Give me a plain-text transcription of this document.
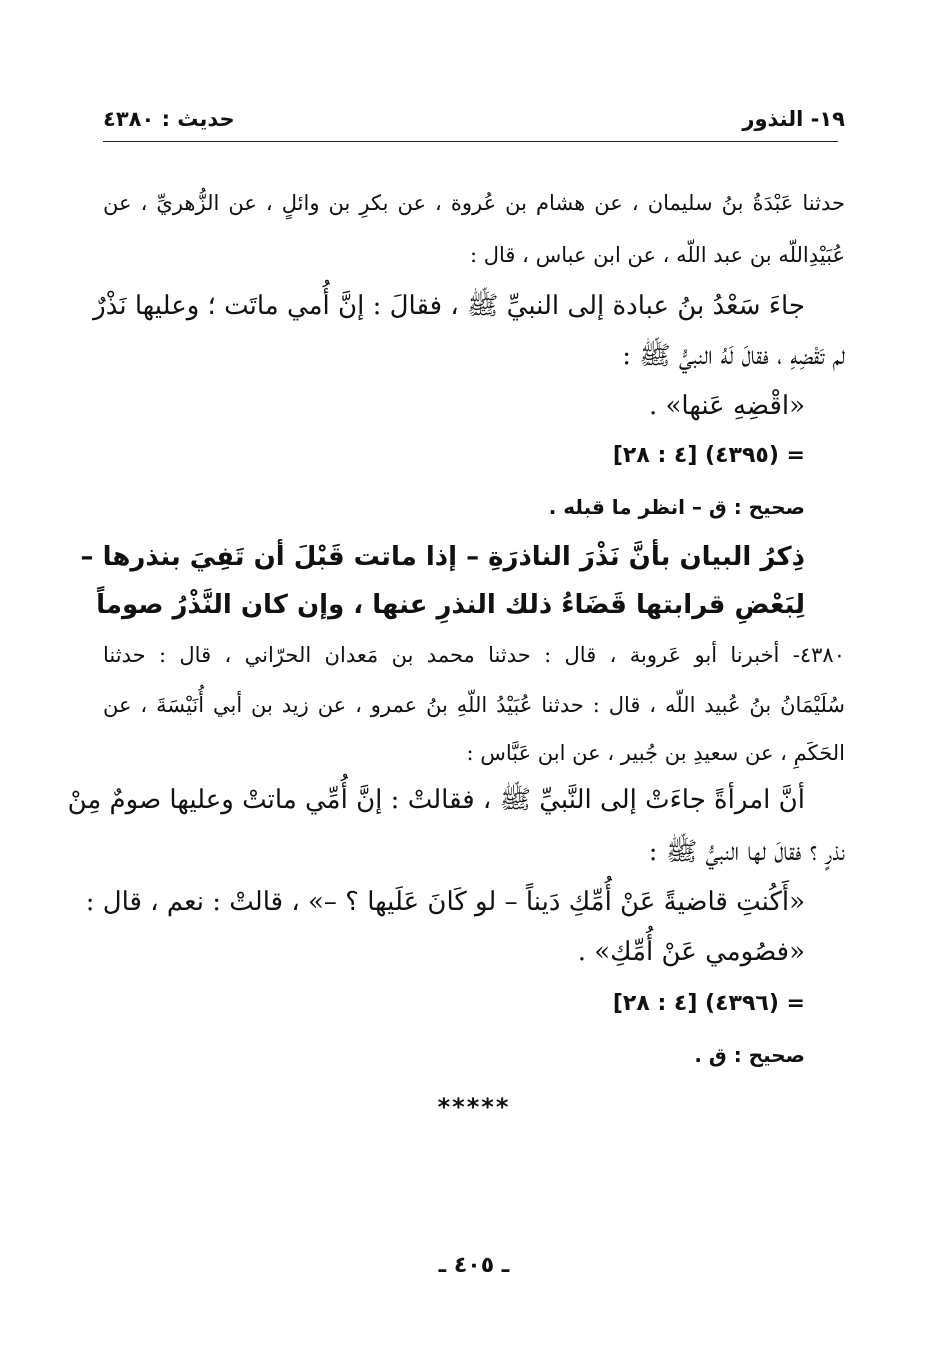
١٩- النذور
حديث : ٤٣٨٠
حدثنا عَبْدَةُ بنُ سليمان ، عن هشام بن عُروة ، عن بكرِ بن وائلٍ ، عن الزُّهريِّ ، عن
عُبَيْدِاللّه بن عبد اللّه ، عن ابن عباس ، قال :
جاءَ سَعْدُ بنُ عبادة إلى النبيِّ ﷺ ، فقالَ : إنَّ أُمي ماتَت ؛ وعليها نَذْرٌ
لم تَقْضِهِ ، فقالَ لَهُ النبيُّ ﷺ :
«اقْضِهِ عَنها» .
= (٤٣٩٥) [٤ : ٢٨]
صحيح : ق – انظر ما قبله .
ذِكرُ البيان بأنَّ نَذْرَ الناذرَةِ – إذا ماتت قَبْلَ أن تَفِيَ بنذرها –
لِبَعْضِ قرابتها قَضَاءُ ذلك النذرِ عنها ، وإن كان النَّذْرُ صوماً
٤٣٨٠- أخبرنا أبو عَروبة ، قال : حدثنا محمد بن مَعدان الحرّاني ، قال : حدثنا
سُلَيْمَانُ بنُ عُبيد اللّه ، قال : حدثنا عُبَيْدُ اللّهِ بنُ عمرو ، عن زيد بن أبي أُنَيْسَةَ ، عن
الحَكَمِ ، عن سعيدِ بن جُبير ، عن ابن عَبَّاس :
أنَّ امرأةً جاءَتْ إلى النَّبيِّ ﷺ ، فقالتْ : إنَّ أُمِّي ماتتْ وعليها صومٌ مِنْ
نذرٍ ؟ فقالَ لها النبيُّ ﷺ :
«أَكُنتِ قاضيةً عَنْ أُمِّكِ دَيناً – لو كَانَ عَلَيها ؟ –» ، قالتْ : نعم ، قال :
«فصُومي عَنْ أُمِّكِ» .
= (٤٣٩٦) [٤ : ٢٨]
صحيح : ق .
*****
ـ ٤٠٥ ـ
